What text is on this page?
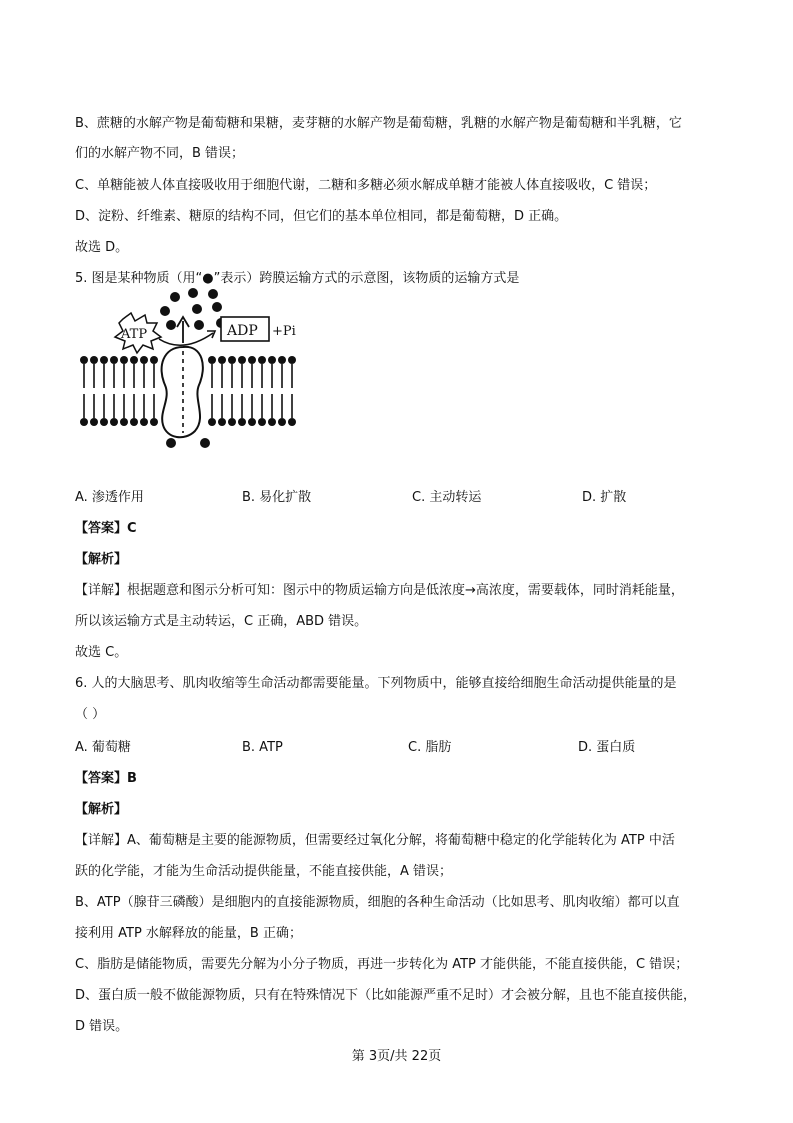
B、蔗糖的水解产物是葡萄糖和果糖，麦芽糖的水解产物是葡萄糖，乳糖的水解产物是葡萄糖和半乳糖，它
们的水解产物不同，B 错误；
C、单糖能被人体直接吸收用于细胞代谢，二糖和多糖必须水解成单糖才能被人体直接吸收，C 错误；
D、淀粉、纤维素、糖原的结构不同，但它们的基本单位相同，都是葡萄糖，D 正确。
故选 D。
5. 图是某种物质（用“●”表示）跨膜运输方式的示意图，该物质的运输方式是
ATP	ADP +Pi
A. 渗透作用	B. 易化扩散	C. 主动转运	D. 扩散
【答案】C
【解析】
【详解】根据题意和图示分析可知：图示中的物质运输方向是低浓度→高浓度，需要载体，同时消耗能量，
所以该运输方式是主动转运，C 正确，ABD 错误。
故选 C。
6. 人的大脑思考、肌肉收缩等生命活动都需要能量。下列物质中，能够直接给细胞生命活动提供能量的是
（ ）
A. 葡萄糖	B. ATP	C. 脂肪	D. 蛋白质
【答案】B
【解析】
【详解】A、葡萄糖是主要的能源物质，但需要经过氧化分解，将葡萄糖中稳定的化学能转化为 ATP 中活
跃的化学能，才能为生命活动提供能量，不能直接供能，A 错误；
B、ATP（腺苷三磷酸）是细胞内的直接能源物质，细胞的各种生命活动（比如思考、肌肉收缩）都可以直
接利用 ATP 水解释放的能量，B 正确；
C、脂肪是储能物质，需要先分解为小分子物质，再进一步转化为 ATP 才能供能，不能直接供能，C 错误；
D、蛋白质一般不做能源物质，只有在特殊情况下（比如能源严重不足时）才会被分解，且也不能直接供能，
D 错误。
第 3页/共 22页
